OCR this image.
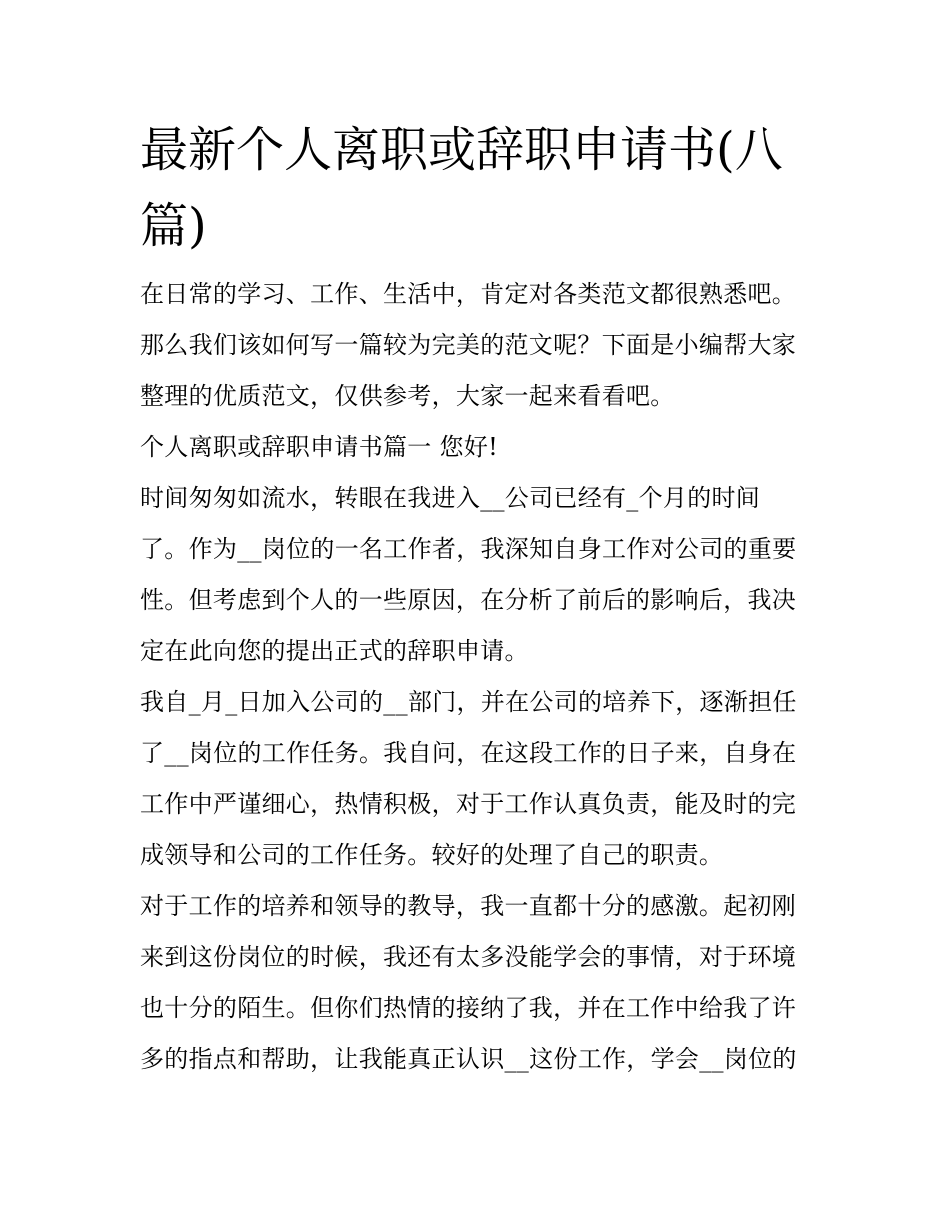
最新个人离职或辞职申请书(八篇)
在日常的学习、工作、生活中，肯定对各类范文都很熟悉吧。
那么我们该如何写一篇较为完美的范文呢？下面是小编帮大家
整理的优质范文，仅供参考，大家一起来看看吧。
个人离职或辞职申请书篇一 您好!
时间匆匆如流水，转眼在我进入__公司已经有_个月的时间
了。作为__岗位的一名工作者，我深知自身工作对公司的重要
性。但考虑到个人的一些原因，在分析了前后的影响后，我决
定在此向您的提出正式的辞职申请。
我自_月_日加入公司的__部门，并在公司的培养下，逐渐担任
了__岗位的工作任务。我自问，在这段工作的日子来，自身在
工作中严谨细心，热情积极，对于工作认真负责，能及时的完
成领导和公司的工作任务。较好的处理了自己的职责。
对于工作的培养和领导的教导，我一直都十分的感激。起初刚
来到这份岗位的时候，我还有太多没能学会的事情，对于环境
也十分的陌生。但你们热情的接纳了我，并在工作中给我了许
多的指点和帮助，让我能真正认识__这份工作，学会__岗位的
